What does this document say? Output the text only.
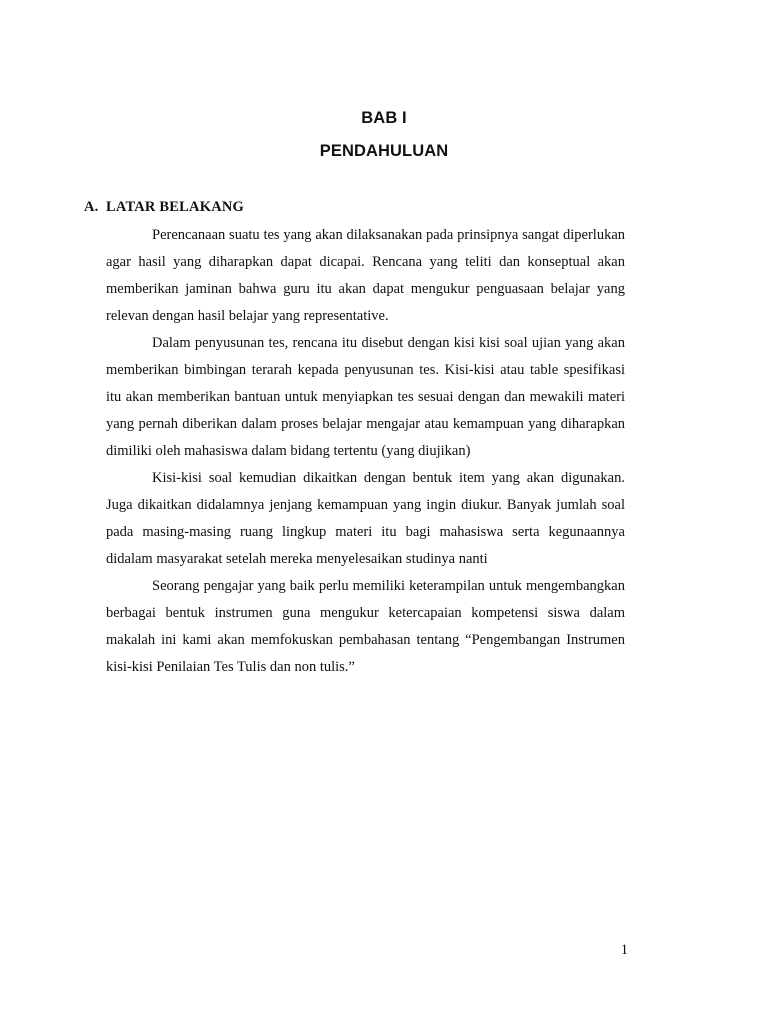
BAB I
PENDAHULUAN
A. LATAR BELAKANG

Perencanaan suatu tes yang akan dilaksanakan pada prinsipnya sangat diperlukan agar hasil yang diharapkan dapat dicapai. Rencana yang teliti dan konseptual akan memberikan jaminan bahwa guru itu akan dapat mengukur penguasaan belajar yang relevan dengan hasil belajar yang representative.

Dalam penyusunan tes, rencana itu disebut dengan kisi kisi soal ujian yang akan memberikan bimbingan terarah kepada penyusunan tes. Kisi-kisi atau table spesifikasi itu akan memberikan bantuan untuk menyiapkan tes sesuai dengan dan mewakili materi yang pernah diberikan dalam proses belajar mengajar atau kemampuan yang diharapkan dimiliki oleh mahasiswa dalam bidang tertentu (yang diujikan)

Kisi-kisi soal kemudian dikaitkan dengan bentuk item yang akan digunakan. Juga dikaitkan didalamnya jenjang kemampuan yang ingin diukur. Banyak jumlah soal pada masing-masing ruang lingkup materi itu bagi mahasiswa serta kegunaannya didalam masyarakat setelah mereka menyelesaikan studinya nanti

Seorang pengajar yang baik perlu memiliki keterampilan untuk mengembangkan berbagai bentuk instrumen guna mengukur ketercapaian kompetensi siswa dalam makalah ini kami akan memfokuskan pembahasan tentang “Pengembangan Instrumen kisi-kisi Penilaian Tes Tulis dan non tulis.”

1
